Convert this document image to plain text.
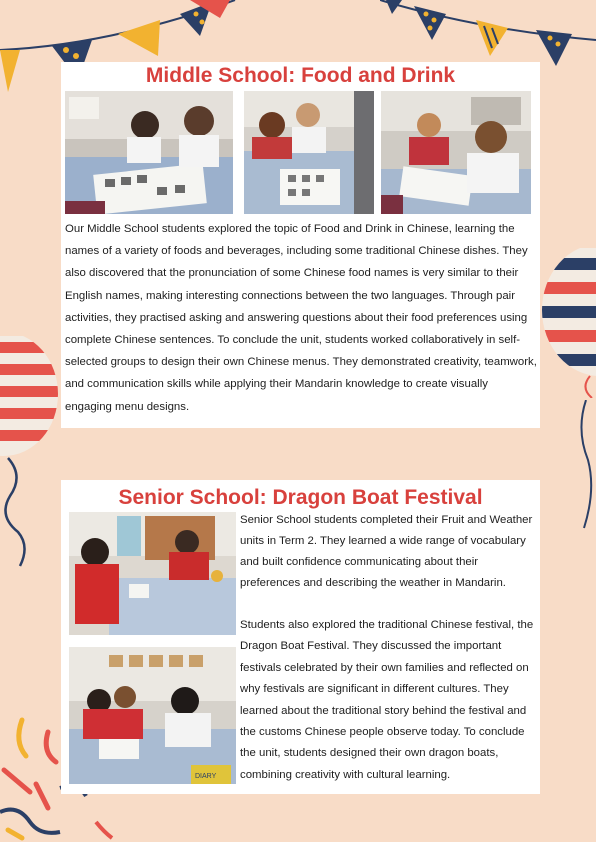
Middle School: Food and Drink

Our Middle School students explored the topic of Food and Drink in Chinese, learning the names of a variety of foods and beverages, including some traditional Chinese dishes. They also discovered that the pronunciation of some Chinese food names is very similar to their English names, making interesting connections between the two languages. Through pair activities, they practised asking and answering questions about their food preferences using complete Chinese sentences. To conclude the unit, students worked collaboratively in self-selected groups to design their own Chinese menus. They demonstrated creativity, teamwork, and communication skills while applying their Mandarin knowledge to create visually engaging menu designs.

Senior School: Dragon Boat Festival
DIARY

Senior School students completed their Fruit and Weather units in Term 2. They learned a wide range of vocabulary and built confidence communicating about their preferences and describing the weather in Mandarin.

Students also explored the traditional Chinese festival, the Dragon Boat Festival. They discussed the important festivals celebrated by their own families and reflected on why festivals are significant in different cultures. They learned about the traditional story behind the festival and the customs Chinese people observe today. To conclude the unit, students designed their own dragon boats, combining creativity with cultural learning.
